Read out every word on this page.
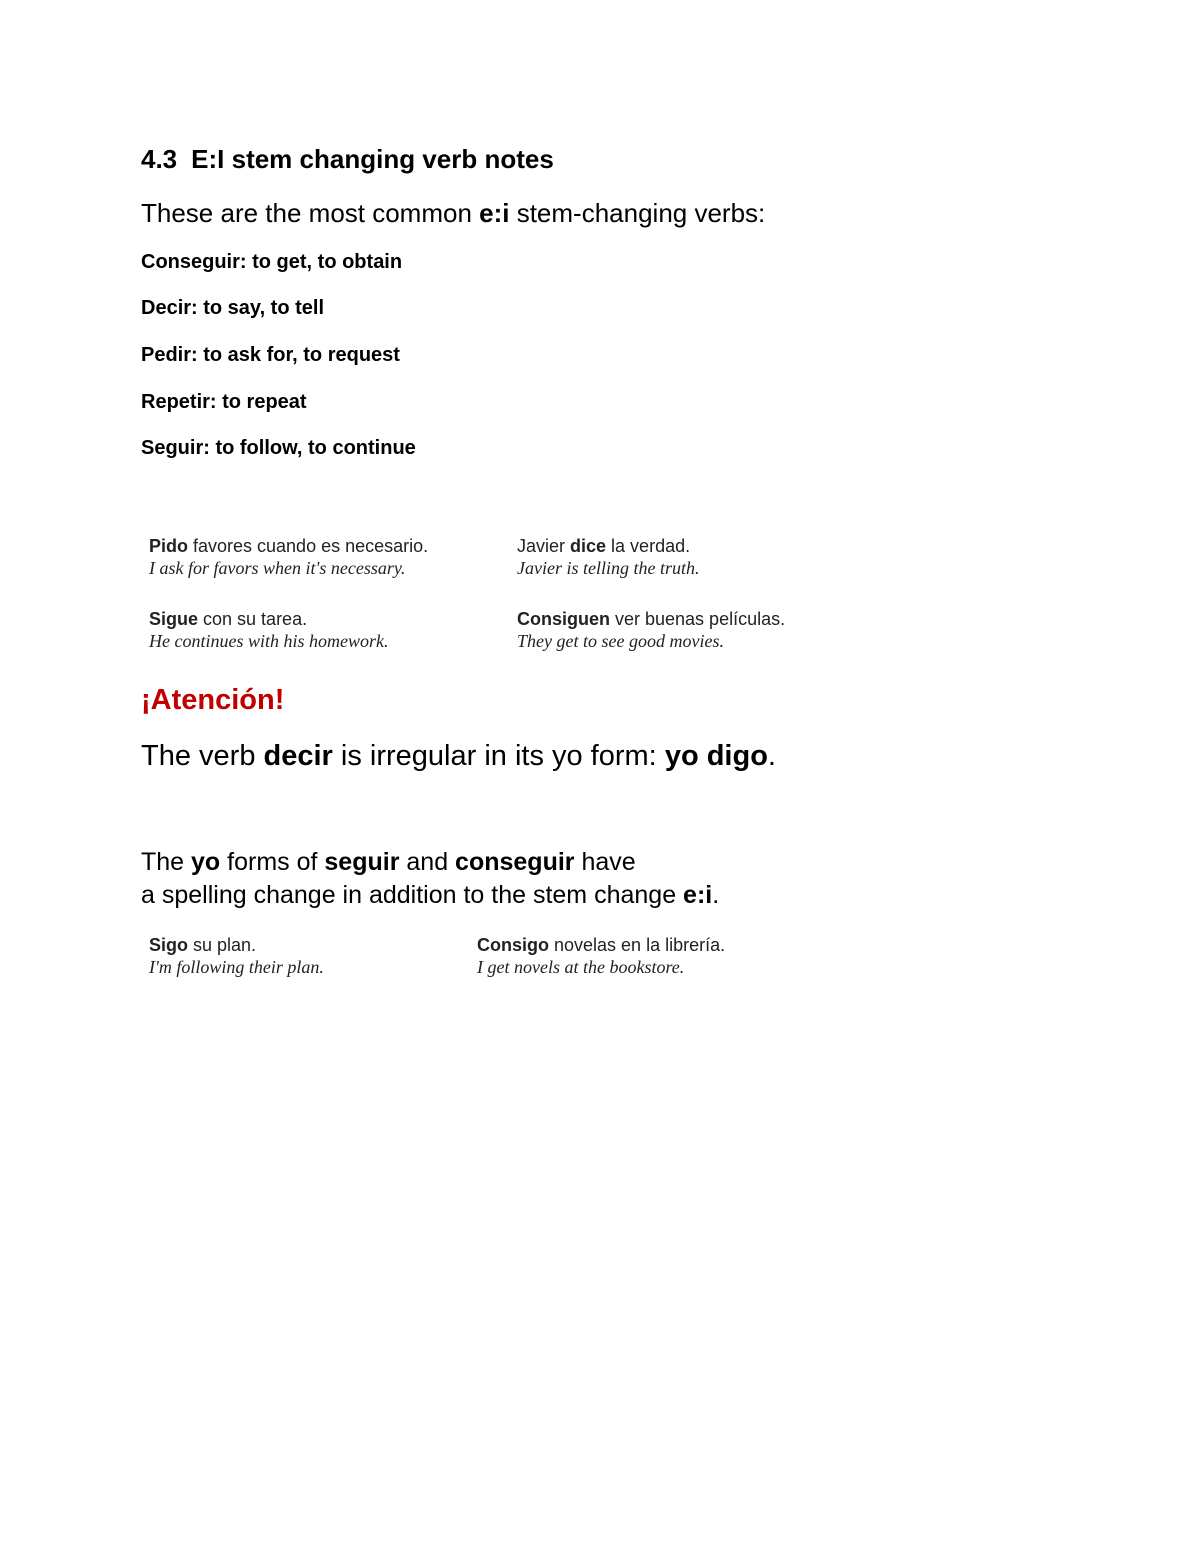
4.3 E:I stem changing verb notes
These are the most common e:i stem-changing verbs:
Conseguir: to get, to obtain
Decir: to say, to tell
Pedir: to ask for, to request
Repetir: to repeat
Seguir: to follow, to continue
Pido favores cuando es necesario.
I ask for favors when it's necessary.
Javier dice la verdad.
Javier is telling the truth.
Sigue con su tarea.
He continues with his homework.
Consiguen ver buenas películas.
They get to see good movies.
¡Atención!
The verb decir is irregular in its yo form: yo digo.
The yo forms of seguir and conseguir have
a spelling change in addition to the stem change e:i.
Sigo su plan.
I'm following their plan.
Consigo novelas en la librería.
I get novels at the bookstore.
